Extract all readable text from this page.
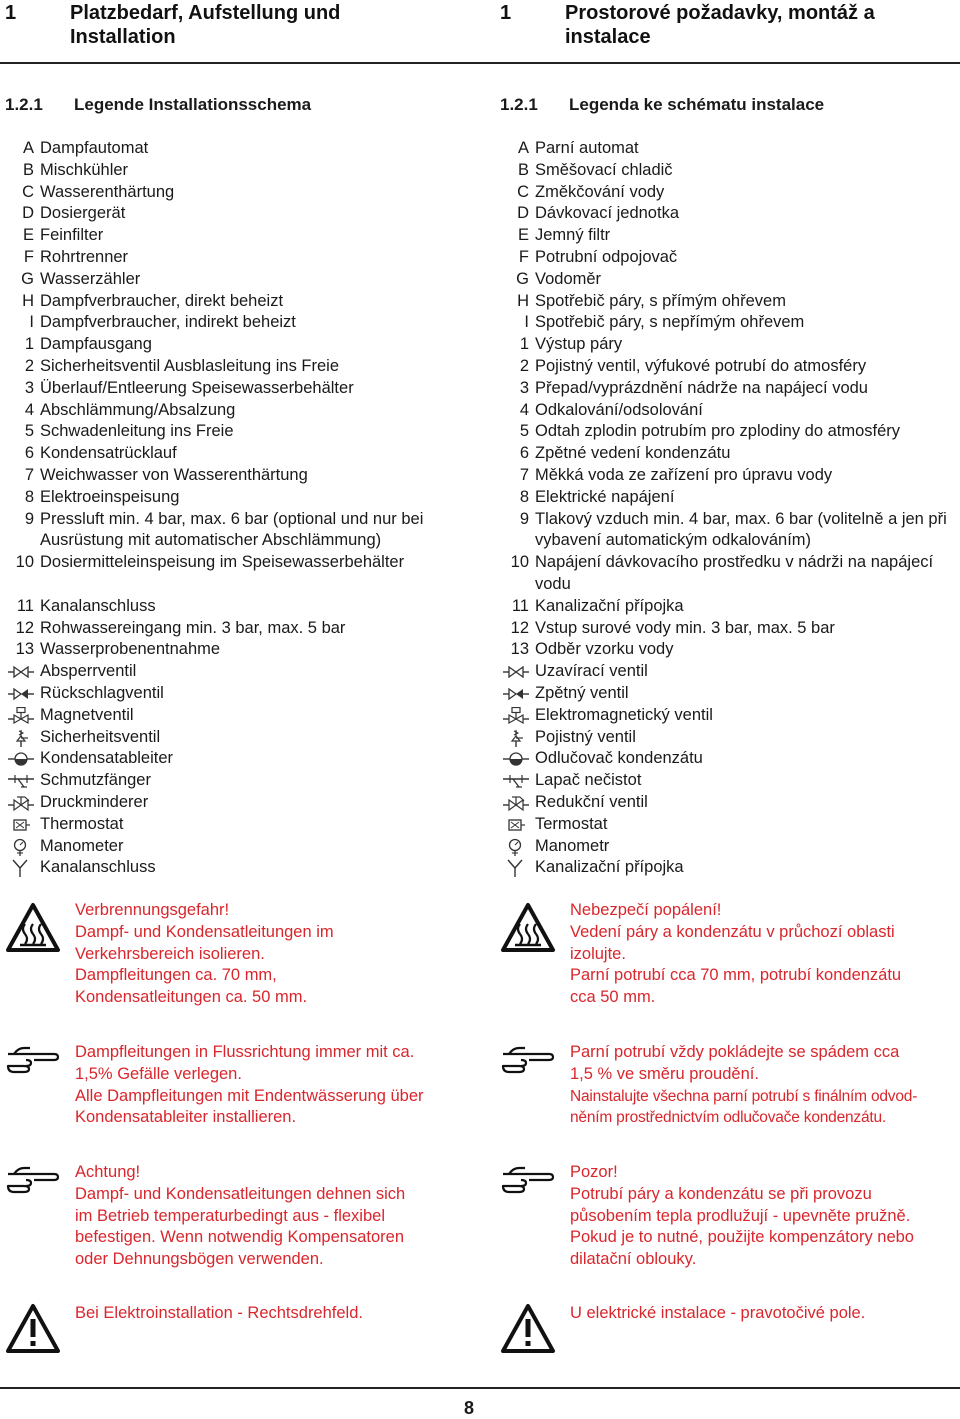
1	Platzbedarf, Aufstellung und Installation
1.2.1 Legende Installationsschema
A Dampfautomat
B Mischkühler
C Wasserenthärtung
D Dosiergerät
E Feinfilter
F Rohrtrenner
G Wasserzähler
H Dampfverbraucher, direkt beheizt
I Dampfverbraucher, indirekt beheizt
1 Dampfausgang
2 Sicherheitsventil Ausblasleitung ins Freie
3 Überlauf/Entleerung Speisewasserbehälter
4 Abschlämmung/Absalzung
5 Schwadenleitung ins Freie
6 Kondensatrücklauf
7 Weichwasser von Wasserenthärtung
8 Elektroeinspeisung
9 Pressluft min. 4 bar, max. 6 bar (optional und nur bei Ausrüstung mit automatischer Abschlämmung)
10 Dosiermitteleinspeisung im Speisewasserbehälter
11 Kanalanschluss
12 Rohwassereingang min. 3 bar, max. 5 bar
13 Wasserprobenentnahme
Absperrventil
Rückschlagventil
Magnetventil
Sicherheitsventil
Kondensatableiter
Schmutzfänger
Druckminderer
Thermostat
Manometer
Kanalanschluss
Verbrennungsgefahr!
Dampf- und Kondensatleitungen im
Verkehrsbereich isolieren.
Dampfleitungen ca. 70 mm,
Kondensatleitungen ca. 50 mm.
Dampfleitungen in Flussrichtung immer mit ca.
1,5% Gefälle verlegen.
Alle Dampfleitungen mit Endentwässerung über
Kondensatableiter installieren.
Achtung!
Dampf- und Kondensatleitungen dehnen sich
im Betrieb temperaturbedingt aus - flexibel
befestigen. Wenn notwendig Kompensatoren
oder Dehnungsbögen verwenden.
Bei Elektroinstallation - Rechtsdrehfeld.
1	Prostorové požadavky, montáž a instalace
1.2.1 Legenda ke schématu instalace
A Parní automat
B Směšovací chladič
C Změkčování vody
D Dávkovací jednotka
E Jemný filtr
F Potrubní odpojovač
G Vodoměr
H Spotřebič páry, s přímým ohřevem
I Spotřebič páry, s nepřímým ohřevem
1 Výstup páry
2 Pojistný ventil, výfukové potrubí do atmosféry
3 Přepad/vyprázdnění nádrže na napájecí vodu
4 Odkalování/odsolování
5 Odtah zplodin potrubím pro zplodiny do atmosféry
6 Zpětné vedení kondenzátu
7 Měkká voda ze zařízení pro úpravu vody
8 Elektrické napájení
9 Tlakový vzduch min. 4 bar, max. 6 bar (volitelně a jen při vybavení automatickým odkalováním)
10 Napájení dávkovacího prostředku v nádrži na napájecí vodu
11 Kanalizační přípojka
12 Vstup surové vody min. 3 bar, max. 5 bar
13 Odběr vzorku vody
Uzavírací ventil
Zpětný ventil
Elektromagnetický ventil
Pojistný ventil
Odlučovač kondenzátu
Lapač nečistot
Redukční ventil
Termostat
Manometr
Kanalizační přípojka
Nebezpečí popálení!
Vedení páry a kondenzátu v průchozí oblasti
izolujte.
Parní potrubí cca 70 mm, potrubí kondenzátu
cca 50 mm.
Parní potrubí vždy pokládejte se spádem cca
1,5 % ve směru proudění.
Nainstalujte všechna parní potrubí s finálním odvod-
něním prostřednictvím odlučovače kondenzátu.
Pozor!
Potrubí páry a kondenzátu se při provozu
působením tepla prodlužují - upevněte pružně.
Pokud je to nutné, použijte kompenzátory nebo
dilatační oblouky.
U elektrické instalace - pravotočivé pole.
8
